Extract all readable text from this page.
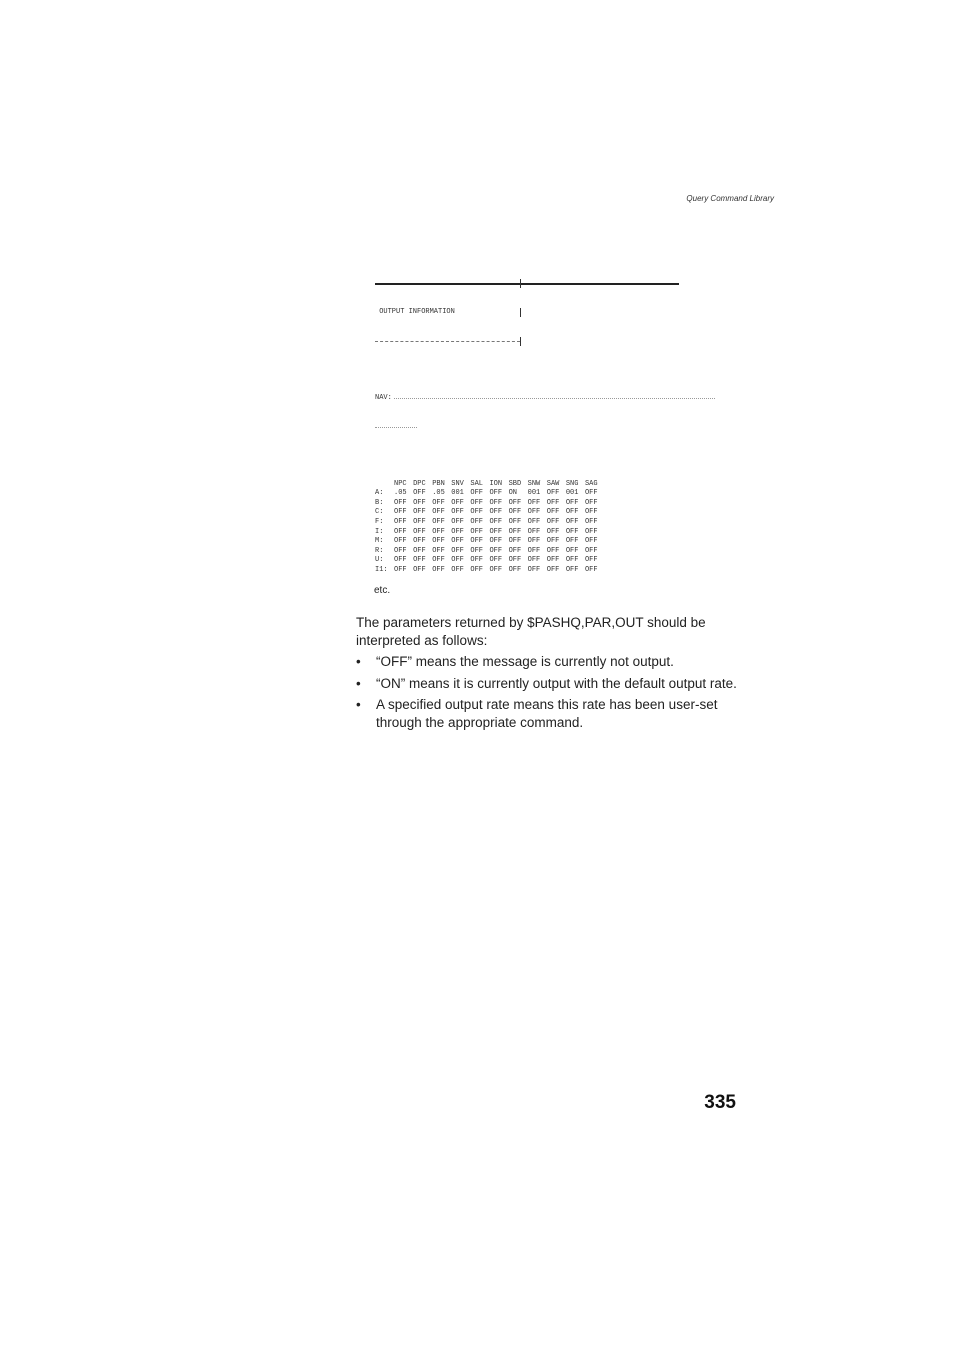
Query Command Library

OUTPUT INFORMATION

NAV:

NPC DPC PBN SNV SAL ION SBD SNW SAW SNG SAG
A:	.05 OFF .05 001 OFF OFF ON	001 OFF 001 OFF
B:	OFF OFF OFF OFF OFF OFF OFF OFF OFF OFF OFF
C:	OFF OFF OFF OFF OFF OFF OFF OFF OFF OFF OFF
F:	OFF OFF OFF OFF OFF OFF OFF OFF OFF OFF OFF
I:	OFF OFF OFF OFF OFF OFF OFF OFF OFF OFF OFF
M:	OFF OFF OFF OFF OFF OFF OFF OFF OFF OFF OFF
R:	OFF OFF OFF OFF OFF OFF OFF OFF OFF OFF OFF
U:	OFF OFF OFF OFF OFF OFF OFF OFF OFF OFF OFF
I1: OFF OFF OFF OFF OFF OFF OFF OFF OFF OFF OFF

etc.

The parameters returned by $PASHQ,PAR,OUT should be interpreted as follows:

• “OFF” means the message is currently not output.
• “ON” means it is currently output with the default output rate.
• A specified output rate means this rate has been user-set through the appropriate command.
335
